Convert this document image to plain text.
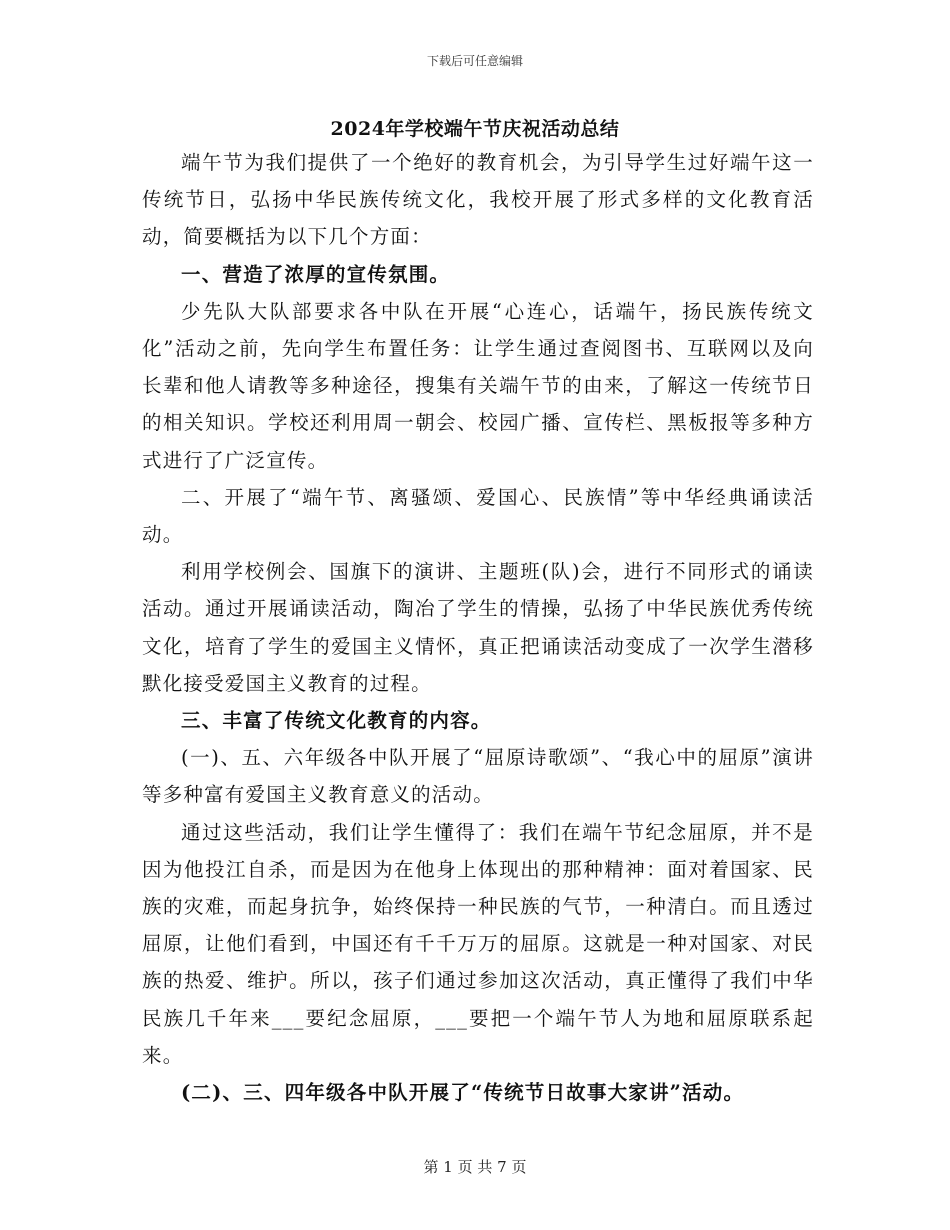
下载后可任意编辑
2024年学校端午节庆祝活动总结

端午节为我们提供了一个绝好的教育机会，为引导学生过好端午这一传统节日，弘扬中华民族传统文化，我校开展了形式多样的文化教育活动，简要概括为以下几个方面：

一、营造了浓厚的宣传氛围。

少先队大队部要求各中队在开展“心连心，话端午，扬民族传统文化”活动之前，先向学生布置任务：让学生通过查阅图书、互联网以及向长辈和他人请教等多种途径，搜集有关端午节的由来，了解这一传统节日的相关知识。学校还利用周一朝会、校园广播、宣传栏、黑板报等多种方式进行了广泛宣传。

二、开展了“端午节、离骚颂、爱国心、民族情”等中华经典诵读活动。

利用学校例会、国旗下的演讲、主题班(队)会，进行不同形式的诵读活动。通过开展诵读活动，陶冶了学生的情操，弘扬了中华民族优秀传统文化，培育了学生的爱国主义情怀，真正把诵读活动变成了一次学生潜移默化接受爱国主义教育的过程。

三、丰富了传统文化教育的内容。

(一)、五、六年级各中队开展了“屈原诗歌颂”、“我心中的屈原”演讲等多种富有爱国主义教育意义的活动。

通过这些活动，我们让学生懂得了：我们在端午节纪念屈原，并不是因为他投江自杀，而是因为在他身上体现出的那种精神：面对着国家、民族的灾难，而起身抗争，始终保持一种民族的气节，一种清白。而且透过屈原，让他们看到，中国还有千千万万的屈原。这就是一种对国家、对民族的热爱、维护。所以，孩子们通过参加这次活动，真正懂得了我们中华民族几千年来___要纪念屈原，___要把一个端午节人为地和屈原联系起来。

(二)、三、四年级各中队开展了“传统节日故事大家讲”活动。

第 1 页 共 7 页
